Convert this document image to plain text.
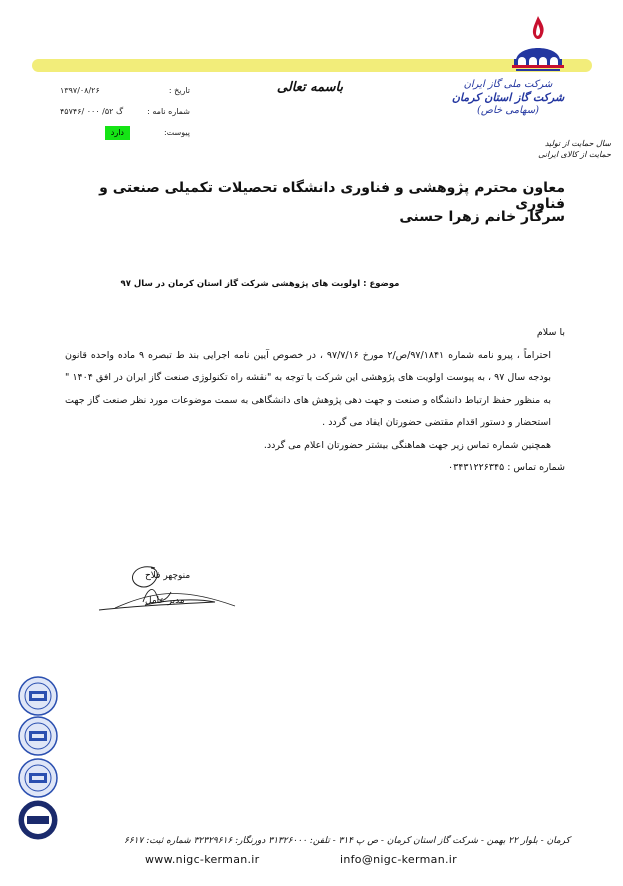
شرکت ملی گاز ایران
شرکت گاز استان کرمان
(سهامی خاص)
سال حمایت از تولید
حمایت از کالای ایرانی
باسمه تعالی
تاریخ :
۱۳۹۷/۰۸/۲۶
شماره نامه :
گ ۵۲/ ۰۰۰ /۴۵۷۴۶
پیوست:
دارد
معاون محترم پژوهشی و فناوری دانشگاه تحصیلات تکمیلی صنعتی و فناوری
سرکار خانم زهرا حسنی
موضوع : اولویت های پژوهشی شرکت گاز استان کرمان در سال ۹۷
با سلام
احتراماً ، پیرو نامه شماره ۹۷/۱۸۴۱/ص/۲ مورخ ۹۷/۷/۱۶ ، در خصوص آیین نامه اجرایی بند ط تبصره ۹ ماده واحده قانون بودجه سال ۹۷ ، به پیوست اولویت های پژوهشی این شرکت با توجه به "نقشه راه تکنولوژی صنعت گاز ایران در افق ۱۴۰۴ " به منظور حفظ ارتباط دانشگاه و صنعت و جهت دهی پژوهش های دانشگاهی به سمت موضوعات مورد نظر صنعت گاز جهت استحضار و دستور اقدام مقتضی حضورتان ایفاد می گردد .
همچنین شماره تماس زیر جهت هماهنگی بیشتر حضورتان اعلام می گردد.
شماره تماس : ۰۳۴۳۱۲۲۶۳۴۵
منوچهر فلاح
مدیر عامل
کرمان - بلوار ۲۲ بهمن - شرکت گاز استان کرمان - ص پ ۳۱۴ - تلفن: ۳۱۳۲۶۰۰۰ دورنگار: ۳۲۳۲۹۶۱۶ شماره ثبت: ۶۶۱۷
www.nigc-kerman.ir	info@nigc-kerman.ir
